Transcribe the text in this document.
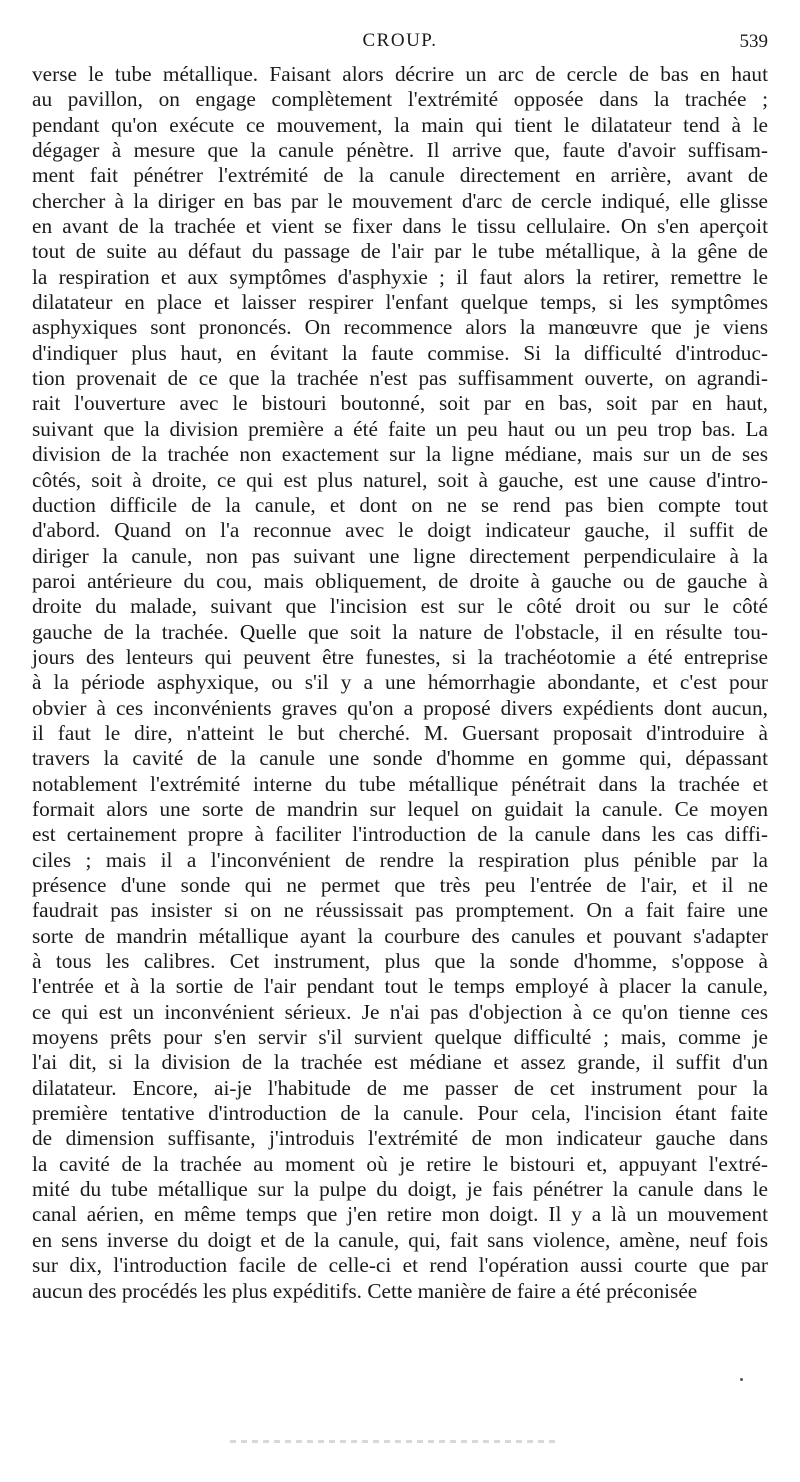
CROUP.	539
verse le tube métallique. Faisant alors décrire un arc de cercle de bas en haut
au pavillon, on engage complètement l'extrémité opposée dans la trachée ;
pendant qu'on exécute ce mouvement, la main qui tient le dilatateur tend à le
dégager à mesure que la canule pénètre. Il arrive que, faute d'avoir suffisam-
ment fait pénétrer l'extrémité de la canule directement en arrière, avant de
chercher à la diriger en bas par le mouvement d'arc de cercle indiqué, elle glisse
en avant de la trachée et vient se fixer dans le tissu cellulaire. On s'en aperçoit
tout de suite au défaut du passage de l'air par le tube métallique, à la gêne de
la respiration et aux symptômes d'asphyxie ; il faut alors la retirer, remettre le
dilatateur en place et laisser respirer l'enfant quelque temps, si les symptômes
asphyxiques sont prononcés. On recommence alors la manœuvre que je viens
d'indiquer plus haut, en évitant la faute commise. Si la difficulté d'introduc-
tion provenait de ce que la trachée n'est pas suffisamment ouverte, on agrandi-
rait l'ouverture avec le bistouri boutonné, soit par en bas, soit par en haut,
suivant que la division première a été faite un peu haut ou un peu trop bas. La
division de la trachée non exactement sur la ligne médiane, mais sur un de ses
côtés, soit à droite, ce qui est plus naturel, soit à gauche, est une cause d'intro-
duction difficile de la canule, et dont on ne se rend pas bien compte tout
d'abord. Quand on l'a reconnue avec le doigt indicateur gauche, il suffit de
diriger la canule, non pas suivant une ligne directement perpendiculaire à la
paroi antérieure du cou, mais obliquement, de droite à gauche ou de gauche à
droite du malade, suivant que l'incision est sur le côté droit ou sur le côté
gauche de la trachée. Quelle que soit la nature de l'obstacle, il en résulte tou-
jours des lenteurs qui peuvent être funestes, si la trachéotomie a été entreprise
à la période asphyxique, ou s'il y a une hémorrhagie abondante, et c'est pour
obvier à ces inconvénients graves qu'on a proposé divers expédients dont aucun,
il faut le dire, n'atteint le but cherché. M. Guersant proposait d'introduire à
travers la cavité de la canule une sonde d'homme en gomme qui, dépassant
notablement l'extrémité interne du tube métallique pénétrait dans la trachée et
formait alors une sorte de mandrin sur lequel on guidait la canule. Ce moyen
est certainement propre à faciliter l'introduction de la canule dans les cas diffi-
ciles ; mais il a l'inconvénient de rendre la respiration plus pénible par la
présence d'une sonde qui ne permet que très peu l'entrée de l'air, et il ne
faudrait pas insister si on ne réussissait pas promptement. On a fait faire une
sorte de mandrin métallique ayant la courbure des canules et pouvant s'adapter
à tous les calibres. Cet instrument, plus que la sonde d'homme, s'oppose à
l'entrée et à la sortie de l'air pendant tout le temps employé à placer la canule,
ce qui est un inconvénient sérieux. Je n'ai pas d'objection à ce qu'on tienne ces
moyens prêts pour s'en servir s'il survient quelque difficulté ; mais, comme je
l'ai dit, si la division de la trachée est médiane et assez grande, il suffit d'un
dilatateur. Encore, ai-je l'habitude de me passer de cet instrument pour la
première tentative d'introduction de la canule. Pour cela, l'incision étant faite
de dimension suffisante, j'introduis l'extrémité de mon indicateur gauche dans
la cavité de la trachée au moment où je retire le bistouri et, appuyant l'extré-
mité du tube métallique sur la pulpe du doigt, je fais pénétrer la canule dans le
canal aérien, en même temps que j'en retire mon doigt. Il y a là un mouvement
en sens inverse du doigt et de la canule, qui, fait sans violence, amène, neuf fois
sur dix, l'introduction facile de celle-ci et rend l'opération aussi courte que par
aucun des procédés les plus expéditifs. Cette manière de faire a été préconisée
